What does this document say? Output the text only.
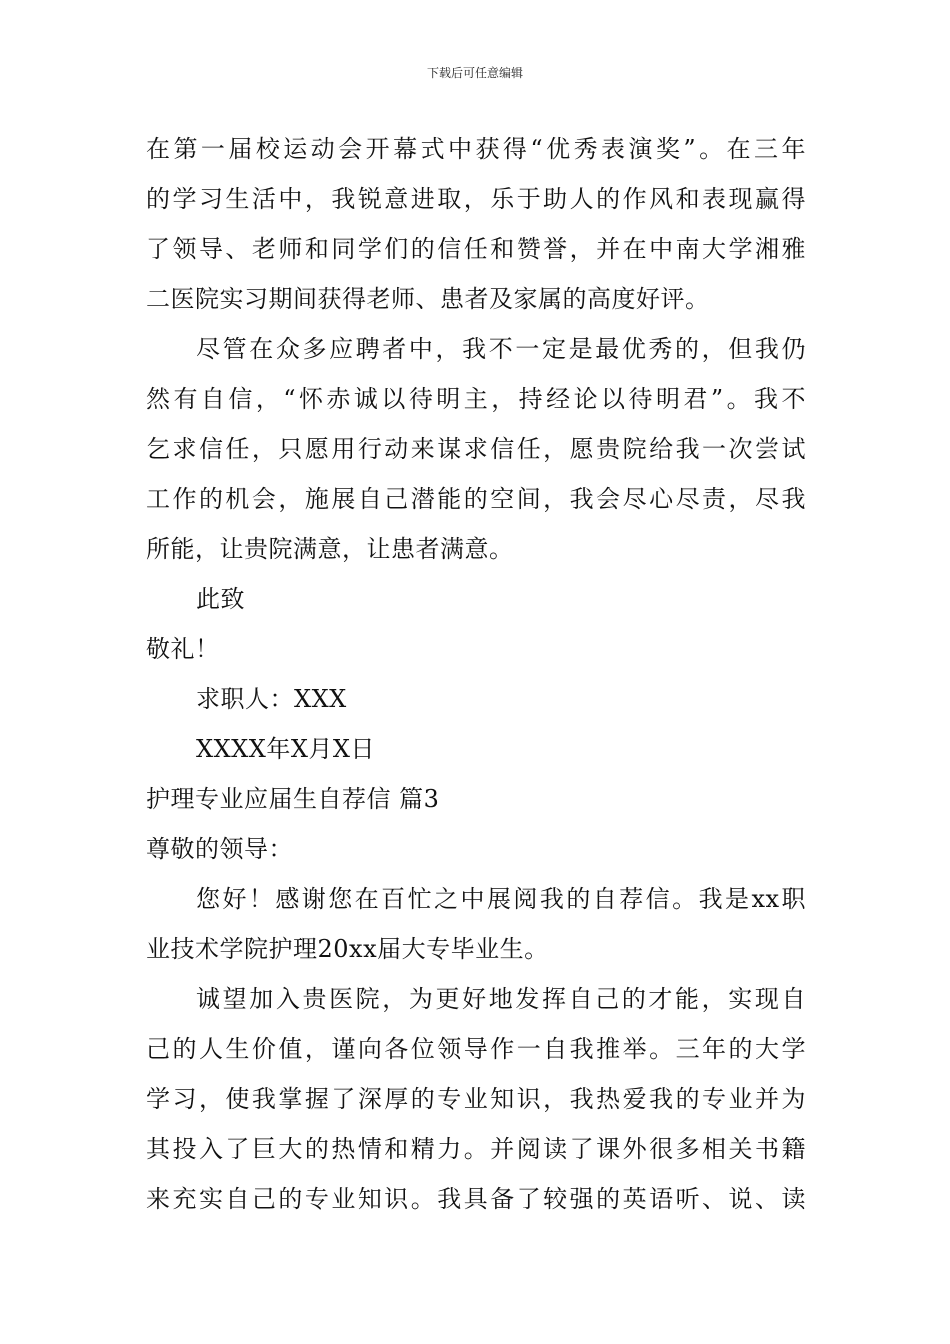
下载后可任意编辑
在第一届校运动会开幕式中获得“优秀表演奖”。在三年
的学习生活中，我锐意进取，乐于助人的作风和表现赢得
了领导、老师和同学们的信任和赞誉，并在中南大学湘雅
二医院实习期间获得老师、患者及家属的高度好评。
尽管在众多应聘者中，我不一定是最优秀的，但我仍
然有自信，“怀赤诚以待明主，持经论以待明君”。我不
乞求信任，只愿用行动来谋求信任，愿贵院给我一次尝试
工作的机会，施展自己潜能的空间，我会尽心尽责，尽我
所能，让贵院满意，让患者满意。
此致
敬礼！
求职人：XXX
XXXX年X月X日
护理专业应届生自荐信 篇3
尊敬的领导：
您好！感谢您在百忙之中展阅我的自荐信。我是xx职
业技术学院护理20xx届大专毕业生。
诚望加入贵医院，为更好地发挥自己的才能，实现自
己的人生价值，谨向各位领导作一自我推举。三年的大学
学习，使我掌握了深厚的专业知识，我热爱我的专业并为
其投入了巨大的热情和精力。并阅读了课外很多相关书籍
来充实自己的专业知识。我具备了较强的英语听、说、读
